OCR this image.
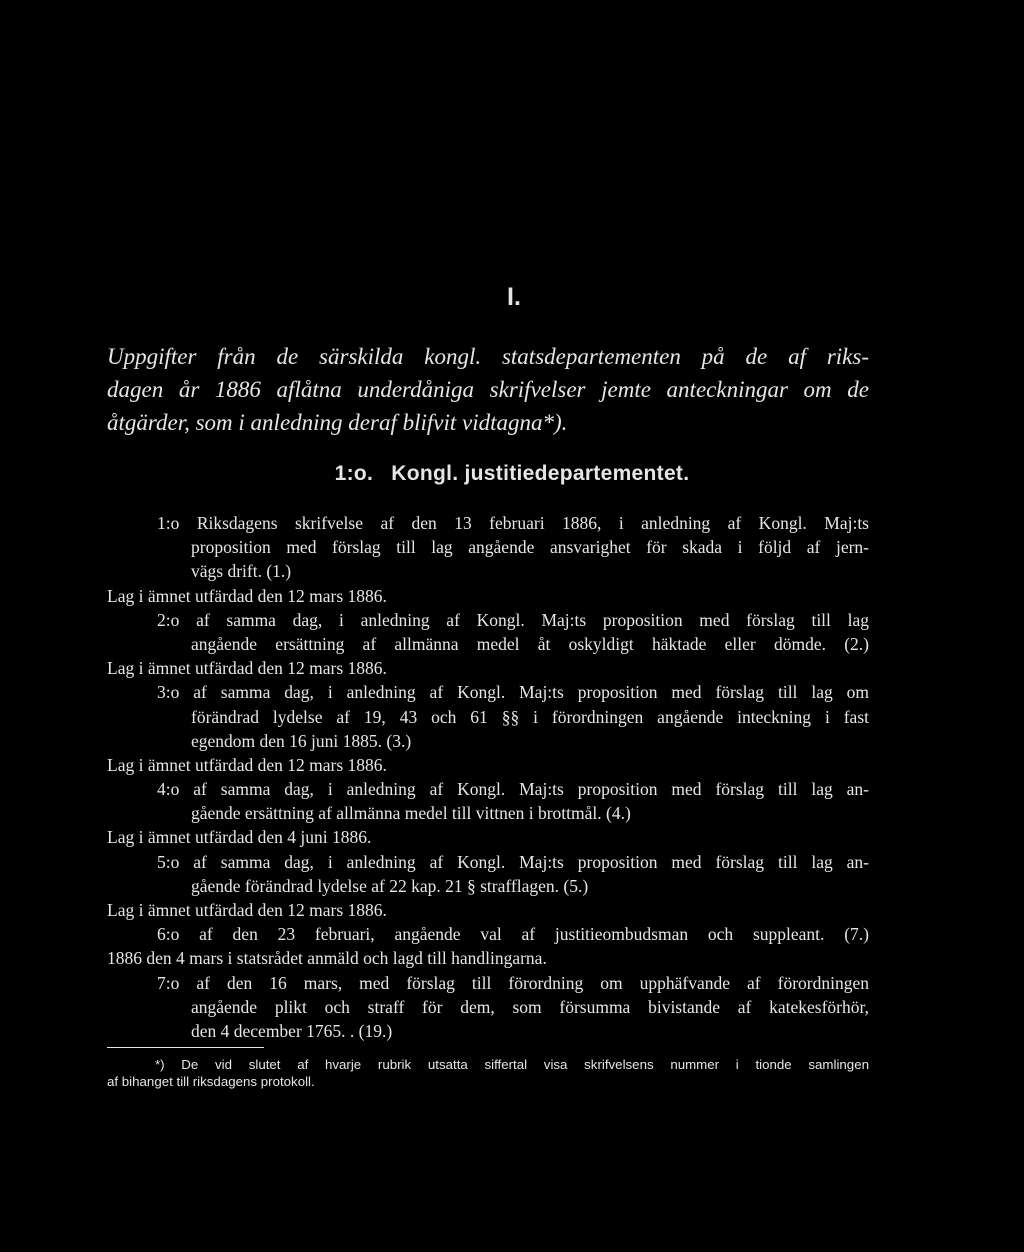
I.
Uppgifter från de särskilda kongl. statsdepartementen på de af riks-
dagen år 1886 aflåtna underdåniga skrifvelser jemte anteckningar om de
åtgärder, som i anledning deraf blifvit vidtagna*).
1:o. Kongl. justitiedepartementet.
1:o Riksdagens skrifvelse af den 13 februari 1886, i anledning af Kongl. Maj:ts
proposition med förslag till lag angående ansvarighet för skada i följd af jern-
vägs drift. (1.)
Lag i ämnet utfärdad den 12 mars 1886.
2:o af samma dag, i anledning af Kongl. Maj:ts proposition med förslag till lag
angående ersättning af allmänna medel åt oskyldigt häktade eller dömde. (2.)
Lag i ämnet utfärdad den 12 mars 1886.
3:o af samma dag, i anledning af Kongl. Maj:ts proposition med förslag till lag om
förändrad lydelse af 19, 43 och 61 §§ i förordningen angående inteckning i fast
egendom den 16 juni 1885. (3.)
Lag i ämnet utfärdad den 12 mars 1886.
4:o af samma dag, i anledning af Kongl. Maj:ts proposition med förslag till lag an-
gående ersättning af allmänna medel till vittnen i brottmål. (4.)
Lag i ämnet utfärdad den 4 juni 1886.
5:o af samma dag, i anledning af Kongl. Maj:ts proposition med förslag till lag an-
gående förändrad lydelse af 22 kap. 21 § strafflagen. (5.)
Lag i ämnet utfärdad den 12 mars 1886.
6:o af den 23 februari, angående val af justitieombudsman och suppleant. (7.)
1886 den 4 mars i statsrådet anmäld och lagd till handlingarna.
7:o af den 16 mars, med förslag till förordning om upphäfvande af förordningen
angående plikt och straff för dem, som försumma bivistande af katekesförhör,
den 4 december 1765. . (19.)
*) De vid slutet af hvarje rubrik utsatta siffertal visa skrifvelsens nummer i tionde samlingen
af bihanget till riksdagens protokoll.
